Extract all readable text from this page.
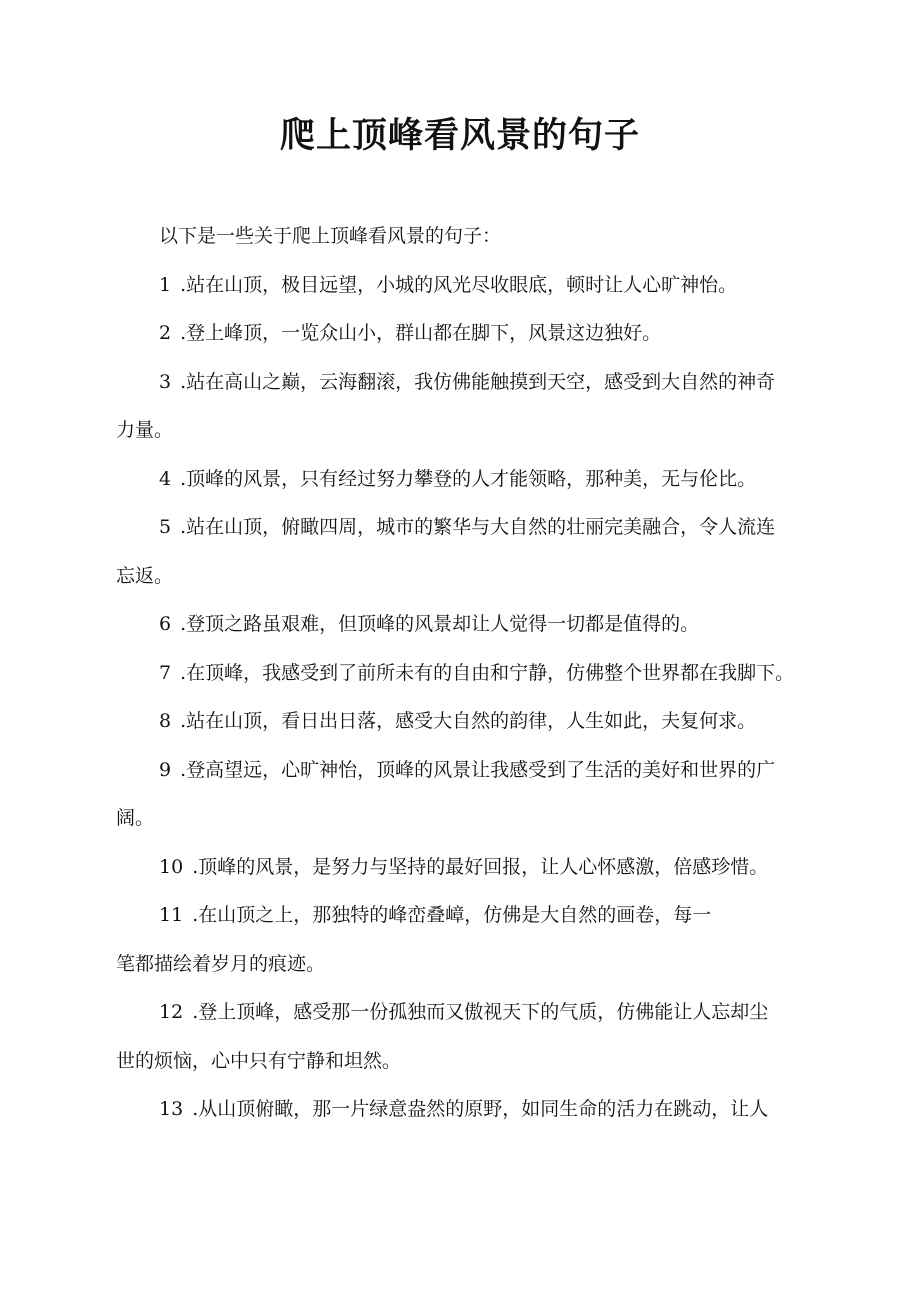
爬上顶峰看风景的句子

以下是一些关于爬上顶峰看风景的句子：

1 .站在山顶，极目远望，小城的风光尽收眼底，顿时让人心旷神怡。
2 .登上峰顶，一览众山小，群山都在脚下，风景这边独好。
3 .站在高山之巅，云海翻滚，我仿佛能触摸到天空，感受到大自然的神奇
力量。
4 .顶峰的风景，只有经过努力攀登的人才能领略，那种美，无与伦比。
5 .站在山顶，俯瞰四周，城市的繁华与大自然的壮丽完美融合，令人流连
忘返。
6 .登顶之路虽艰难，但顶峰的风景却让人觉得一切都是值得的。
7 .在顶峰，我感受到了前所未有的自由和宁静，仿佛整个世界都在我脚下。
8 .站在山顶，看日出日落，感受大自然的韵律，人生如此，夫复何求。
9 .登高望远，心旷神怡，顶峰的风景让我感受到了生活的美好和世界的广
阔。
10 .顶峰的风景，是努力与坚持的最好回报，让人心怀感激，倍感珍惜。
11 .在山顶之上，那独特的峰峦叠嶂，仿佛是大自然的画卷，每一
笔都描绘着岁月的痕迹。
12 .登上顶峰，感受那一份孤独而又傲视天下的气质，仿佛能让人忘却尘
世的烦恼，心中只有宁静和坦然。
13 .从山顶俯瞰，那一片绿意盎然的原野，如同生命的活力在跳动，让人
